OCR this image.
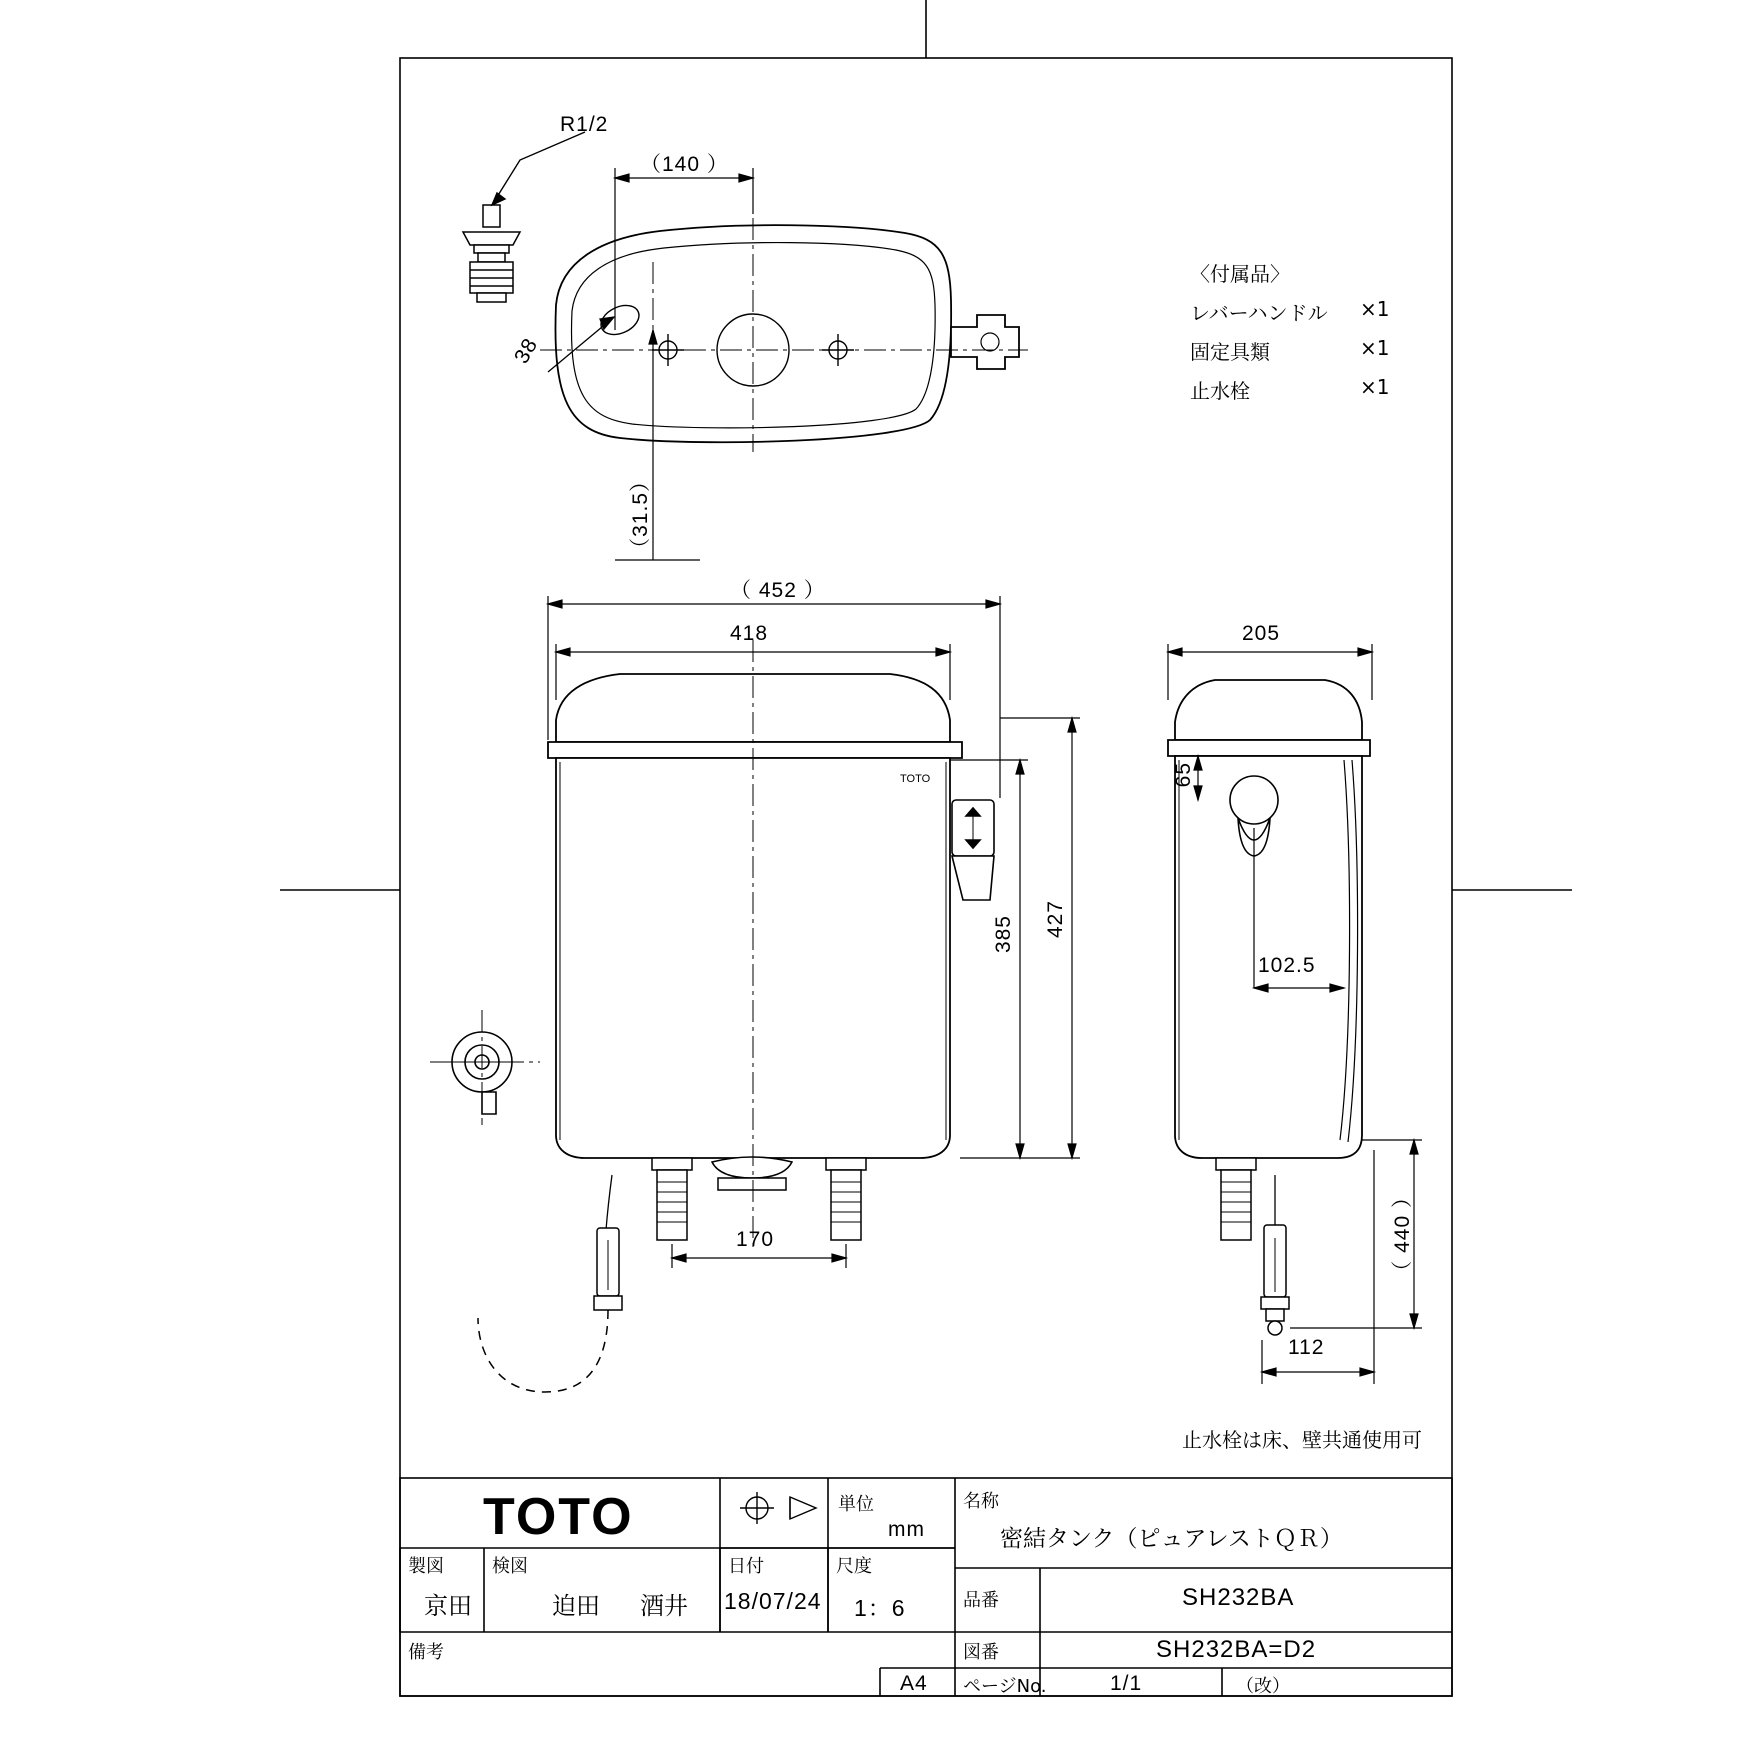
TOTO
R1/2
（140 ）
38
（31.5）
〈付属品〉
レバーハンドル ×1
固定具類	×1
止水栓	×1
（ 452 ）
418
427
385
170
205
65
102.5
（ 440 ）
112
止水栓は床、壁共通使用可
TOTO	単位
mm
名称
密結タンク（ピュアレストＱＲ）
製図
京田
検図
迫田 酒井
日付
18/07/24
尺度
1：6
備考
品番	SH232BA
図番	SH232BA=D2
ページNo.	1/1	（改）
A4
